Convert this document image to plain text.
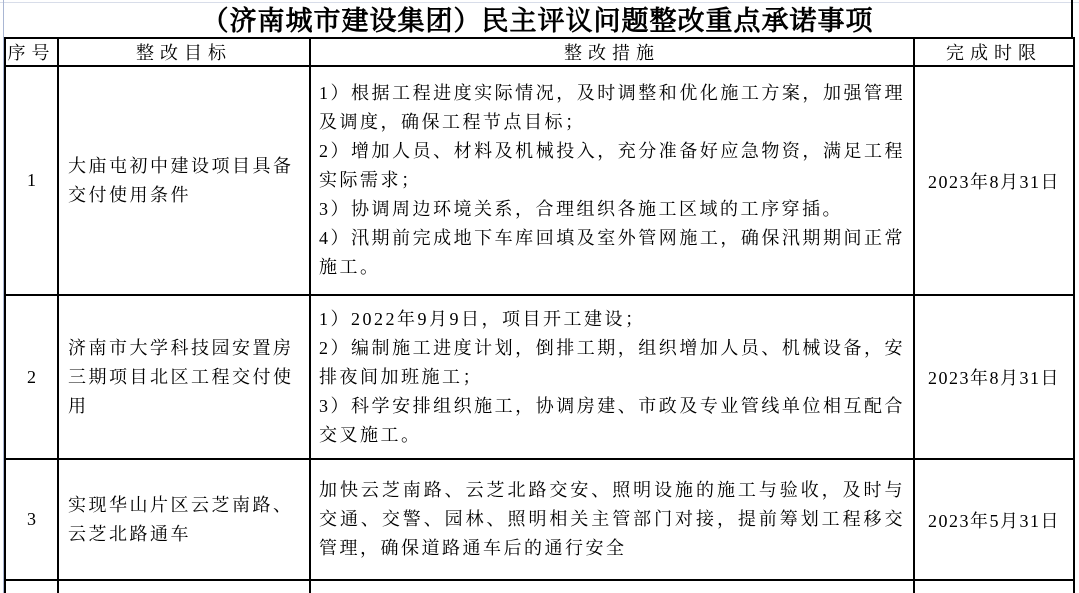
（济南城市建设集团）民主评议问题整改重点承诺事项
序号	整改目标	整改措施	完成时限
1	大庙屯初中建设项目具备交付使用条件	1）根据工程进度实际情况，及时调整和优化施工方案，加强管理及调度，确保工程节点目标；
2）增加人员、材料及机械投入，充分准备好应急物资，满足工程实际需求；
3）协调周边环境关系，合理组织各施工区域的工序穿插。
4）汛期前完成地下车库回填及室外管网施工，确保汛期期间正常施工。	2023年8月31日
2	济南市大学科技园安置房三期项目北区工程交付使用	1）2022年9月9日，项目开工建设；
2）编制施工进度计划，倒排工期，组织增加人员、机械设备，安排夜间加班施工；
3）科学安排组织施工，协调房建、市政及专业管线单位相互配合交叉施工。	2023年8月31日
3	实现华山片区云芝南路、云芝北路通车	加快云芝南路、云芝北路交安、照明设施的施工与验收，及时与交通、交警、园林、照明相关主管部门对接，提前筹划工程移交管理，确保道路通车后的通行安全	2023年5月31日
